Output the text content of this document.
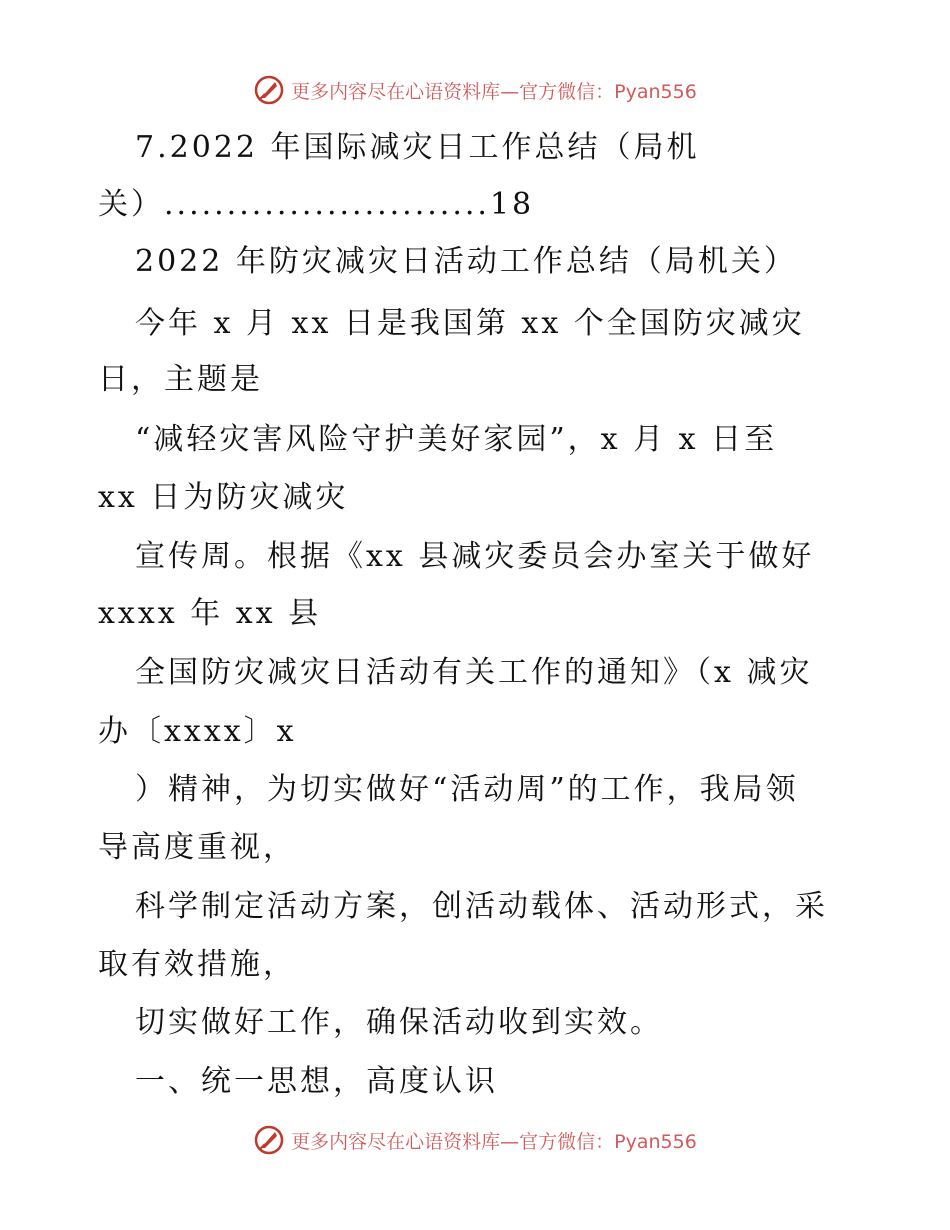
更多内容尽在心语资料库—官方微信：Pyan556
7.2022 年国际减灾日工作总结（局机
关）..........................18
2022 年防灾减灾日活动工作总结（局机关）
今年 x 月 xx 日是我国第 xx 个全国防灾减灾
日，主题是
“减轻灾害风险守护美好家园”，x 月 x 日至
xx 日为防灾减灾
宣传周。根据《xx 县减灾委员会办室关于做好
xxxx 年 xx 县
全国防灾减灾日活动有关工作的通知》（x 减灾
办〔xxxx〕x
）精神，为切实做好“活动周”的工作，我局领
导高度重视，
科学制定活动方案，创活动载体、活动形式，采
取有效措施，
切实做好工作，确保活动收到实效。
一、统一思想，高度认识
更多内容尽在心语资料库—官方微信：Pyan556
